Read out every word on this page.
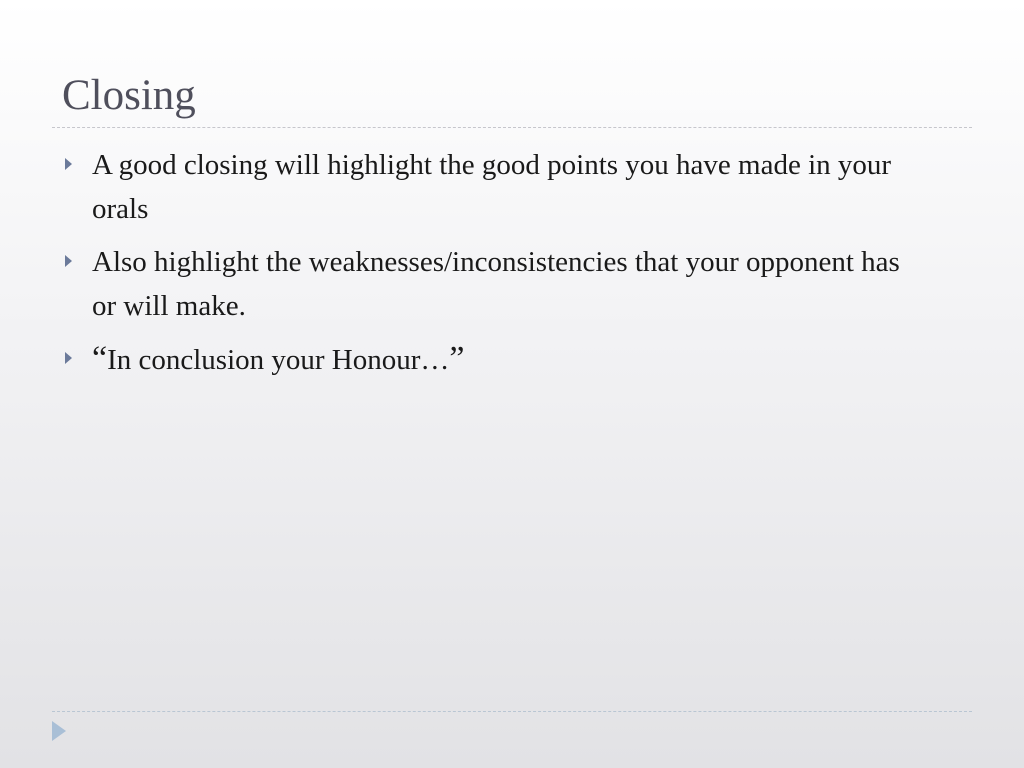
Closing
A good closing will highlight the good points you have made in your orals
Also highlight the weaknesses/inconsistencies that your opponent has or will make.
“In conclusion your Honour…”
